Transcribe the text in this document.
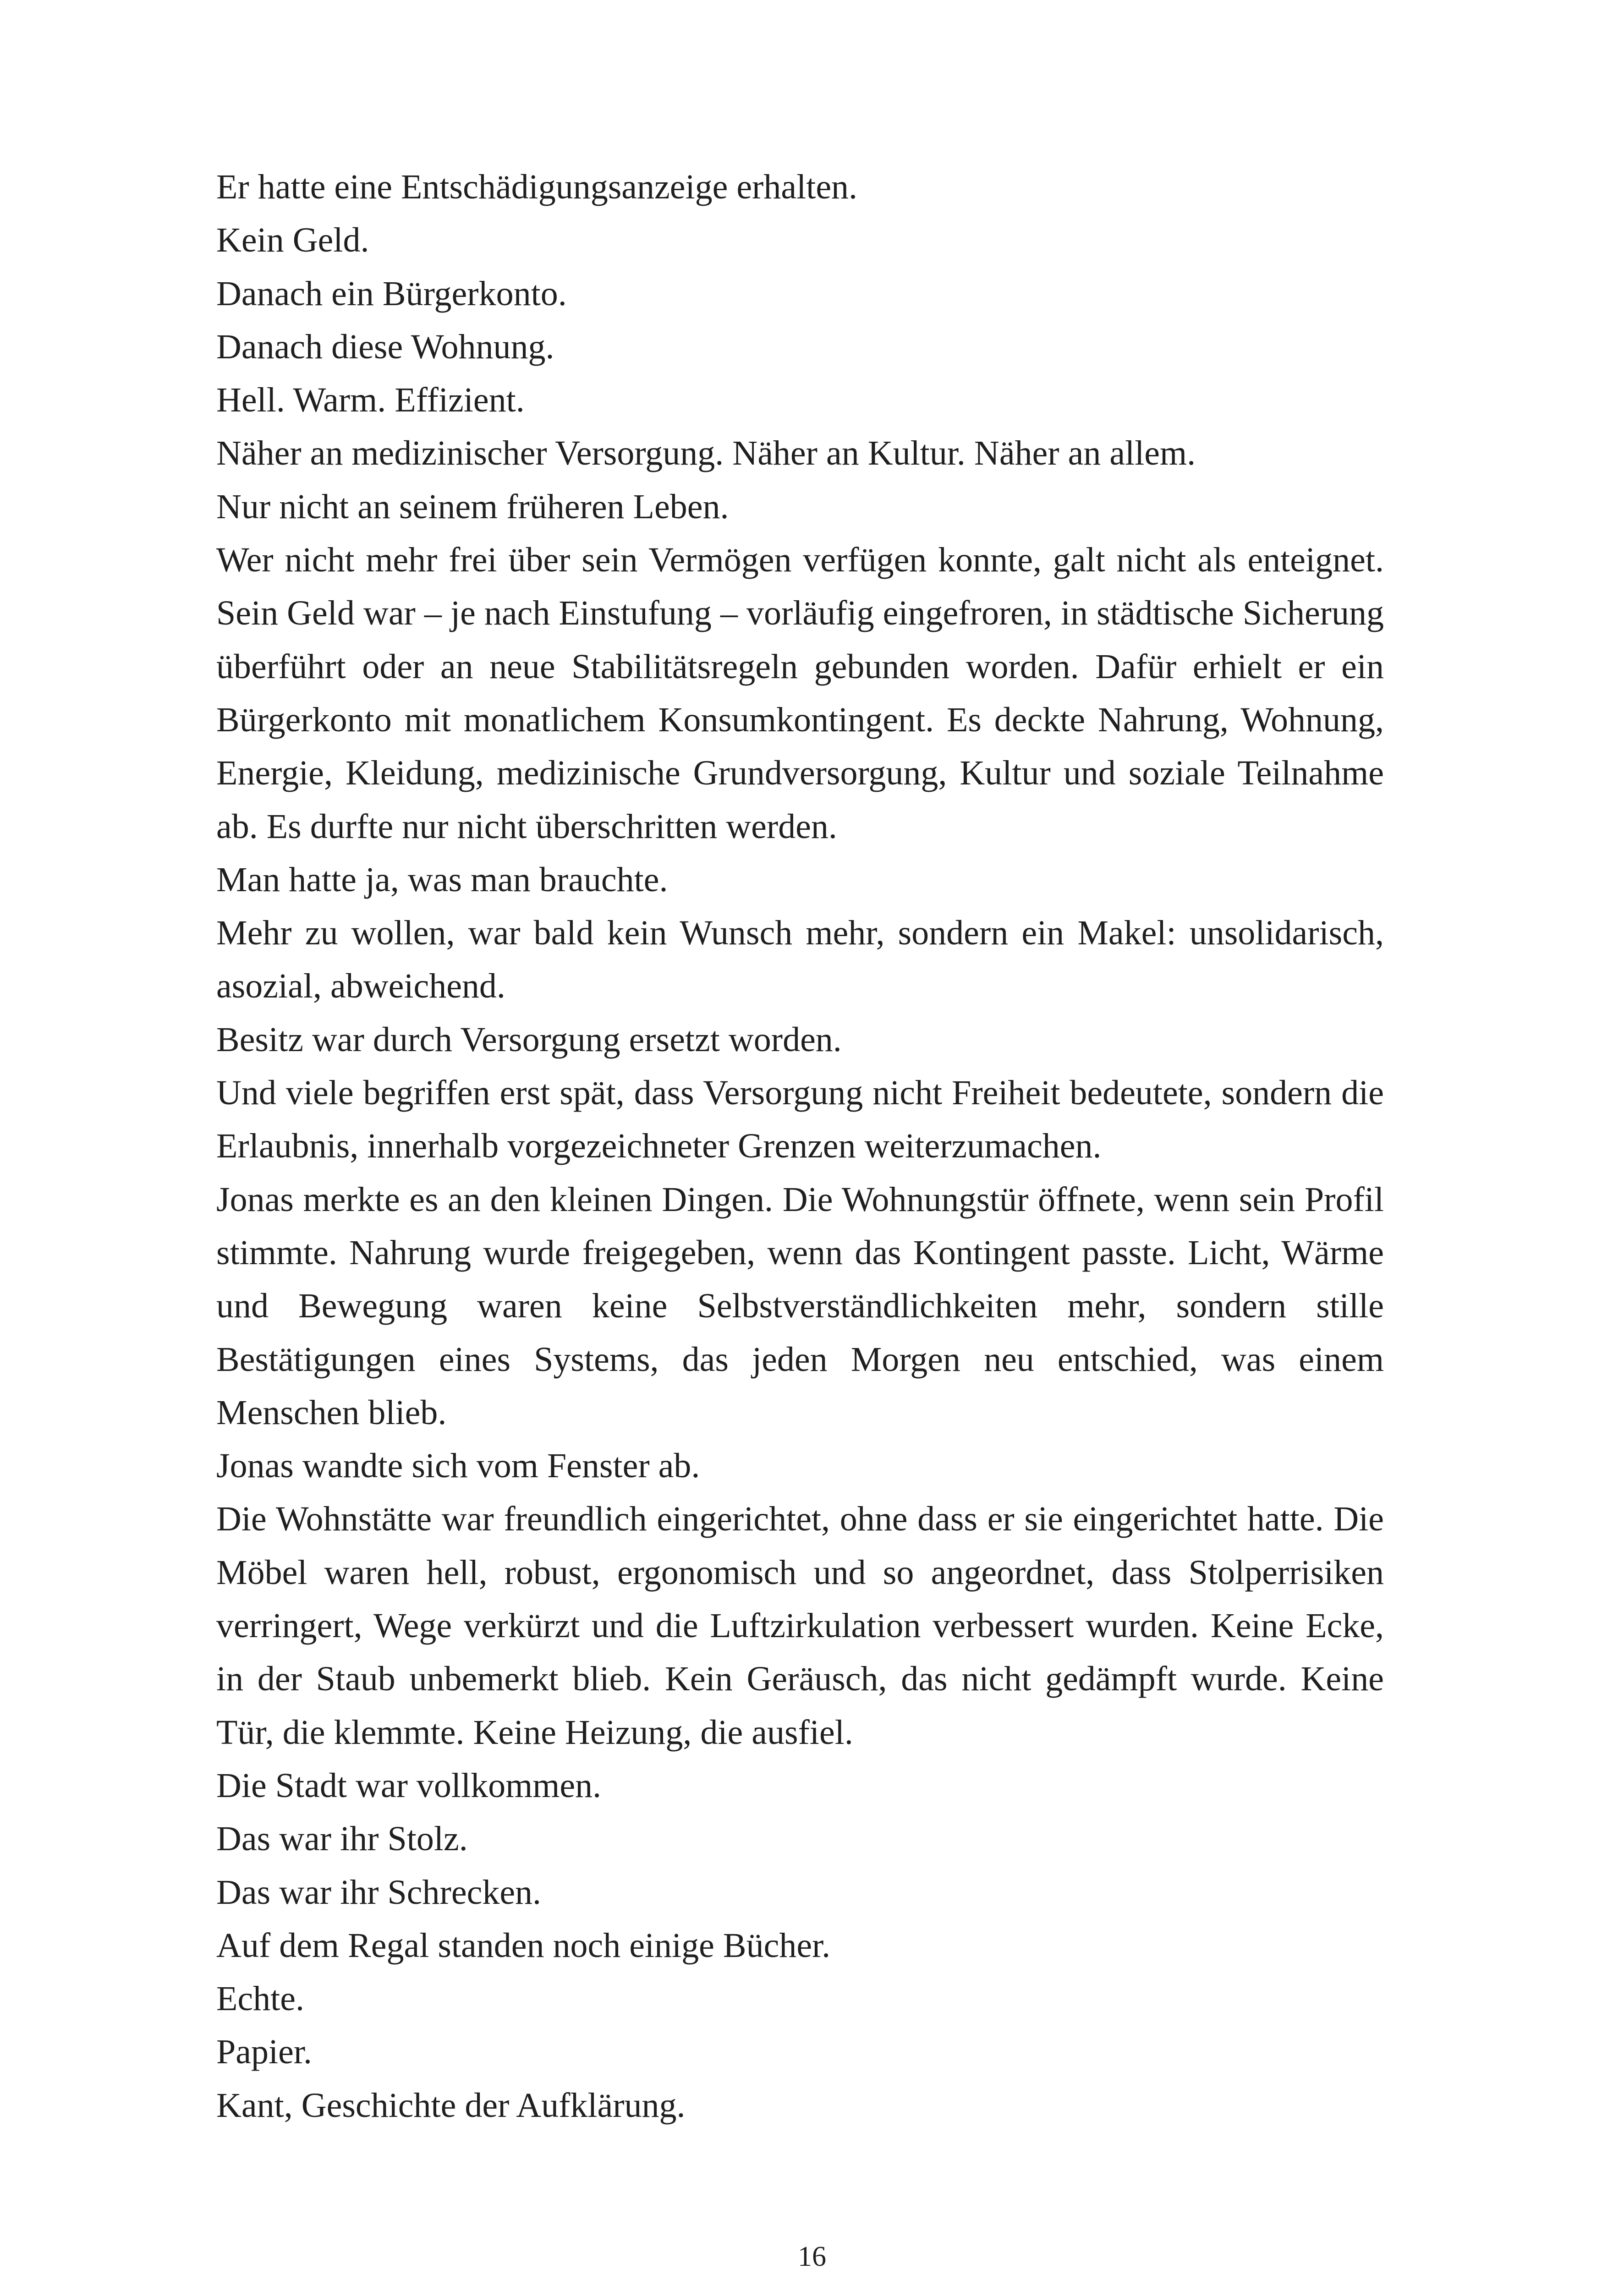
Er hatte eine Entschädigungsanzeige erhalten.

Kein Geld.

Danach ein Bürgerkonto.

Danach diese Wohnung.

Hell. Warm. Effizient.

Näher an medizinischer Versorgung. Näher an Kultur. Näher an allem.

Nur nicht an seinem früheren Leben.

Wer nicht mehr frei über sein Vermögen verfügen konnte, galt nicht als enteignet. Sein Geld war – je nach Einstufung – vorläufig eingefroren, in städtische Sicherung überführt oder an neue Stabilitätsregeln gebunden worden. Dafür erhielt er ein Bürgerkonto mit monatlichem Konsumkontingent. Es deckte Nahrung, Wohnung, Energie, Kleidung, medizinische Grundversorgung, Kultur und soziale Teilnahme ab. Es durfte nur nicht überschritten werden.

Man hatte ja, was man brauchte.

Mehr zu wollen, war bald kein Wunsch mehr, sondern ein Makel: unsolidarisch, asozial, abweichend.

Besitz war durch Versorgung ersetzt worden.

Und viele begriffen erst spät, dass Versorgung nicht Freiheit bedeutete, sondern die Erlaubnis, innerhalb vorgezeichneter Grenzen weiterzumachen.

Jonas merkte es an den kleinen Dingen. Die Wohnungstür öffnete, wenn sein Profil stimmte. Nahrung wurde freigegeben, wenn das Kontingent passte. Licht, Wärme und Bewegung waren keine Selbstverständlichkeiten mehr, sondern stille Bestätigungen eines Systems, das jeden Morgen neu entschied, was einem Menschen blieb.

Jonas wandte sich vom Fenster ab.

Die Wohnstätte war freundlich eingerichtet, ohne dass er sie eingerichtet hatte. Die Möbel waren hell, robust, ergonomisch und so angeordnet, dass Stolperrisiken verringert, Wege verkürzt und die Luftzirkulation verbessert wurden. Keine Ecke, in der Staub unbemerkt blieb. Kein Geräusch, das nicht gedämpft wurde. Keine Tür, die klemmte. Keine Heizung, die ausfiel.

Die Stadt war vollkommen.

Das war ihr Stolz.

Das war ihr Schrecken.

Auf dem Regal standen noch einige Bücher.

Echte.

Papier.

Kant, Geschichte der Aufklärung.

16
